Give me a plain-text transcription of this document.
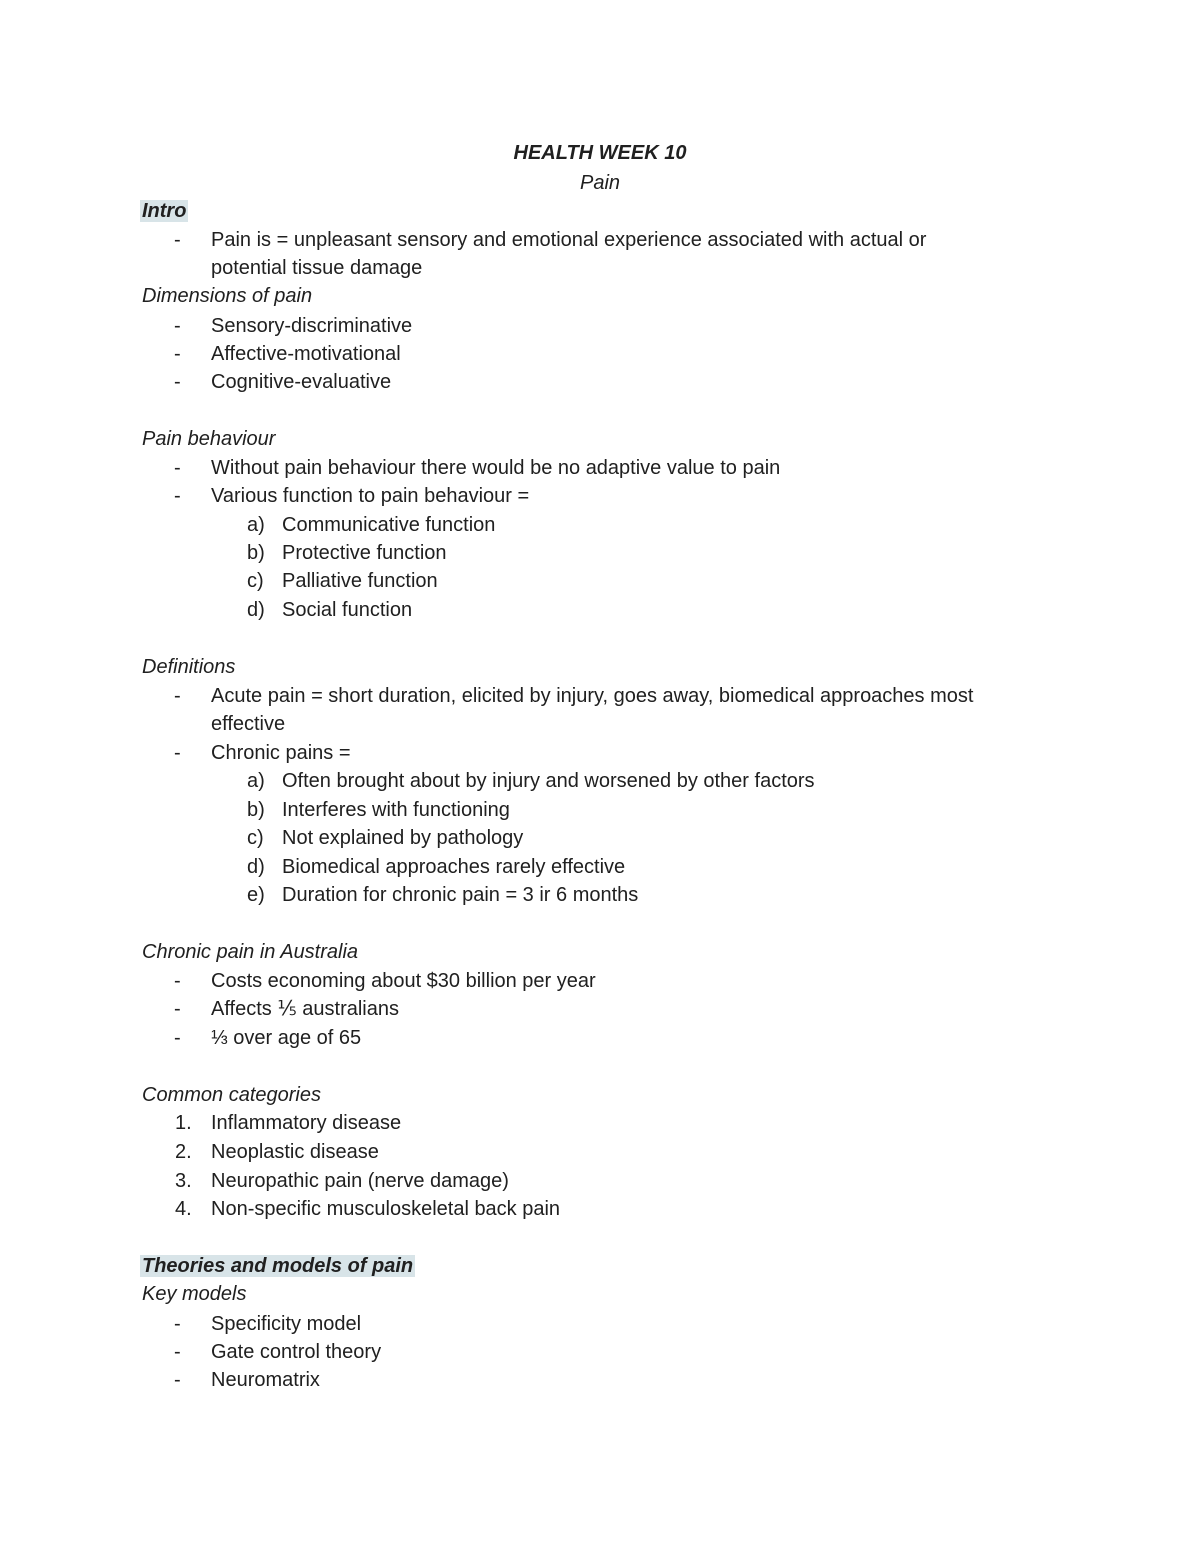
HEALTH WEEK 10
Pain
Intro
- Pain is = unpleasant sensory and emotional experience associated with actual or
potential tissue damage
Dimensions of pain
- Sensory-discriminative
- Affective-motivational
- Cognitive-evaluative
Pain behaviour
- Without pain behaviour there would be no adaptive value to pain
- Various function to pain behaviour =
a) Communicative function
b) Protective function
c) Palliative function
d) Social function
Definitions
- Acute pain = short duration, elicited by injury, goes away, biomedical approaches most
effective
- Chronic pains =
a) Often brought about by injury and worsened by other factors
b) Interferes with functioning
c) Not explained by pathology
d) Biomedical approaches rarely effective
e) Duration for chronic pain = 3 ir 6 months
Chronic pain in Australia
- Costs economing about $30 billion per year
- Affects ⅕ australians
- ⅓ over age of 65
Common categories
1. Inflammatory disease
2. Neoplastic disease
3. Neuropathic pain (nerve damage)
4. Non-specific musculoskeletal back pain
Theories and models of pain
Key models
- Specificity model
- Gate control theory
- Neuromatrix
